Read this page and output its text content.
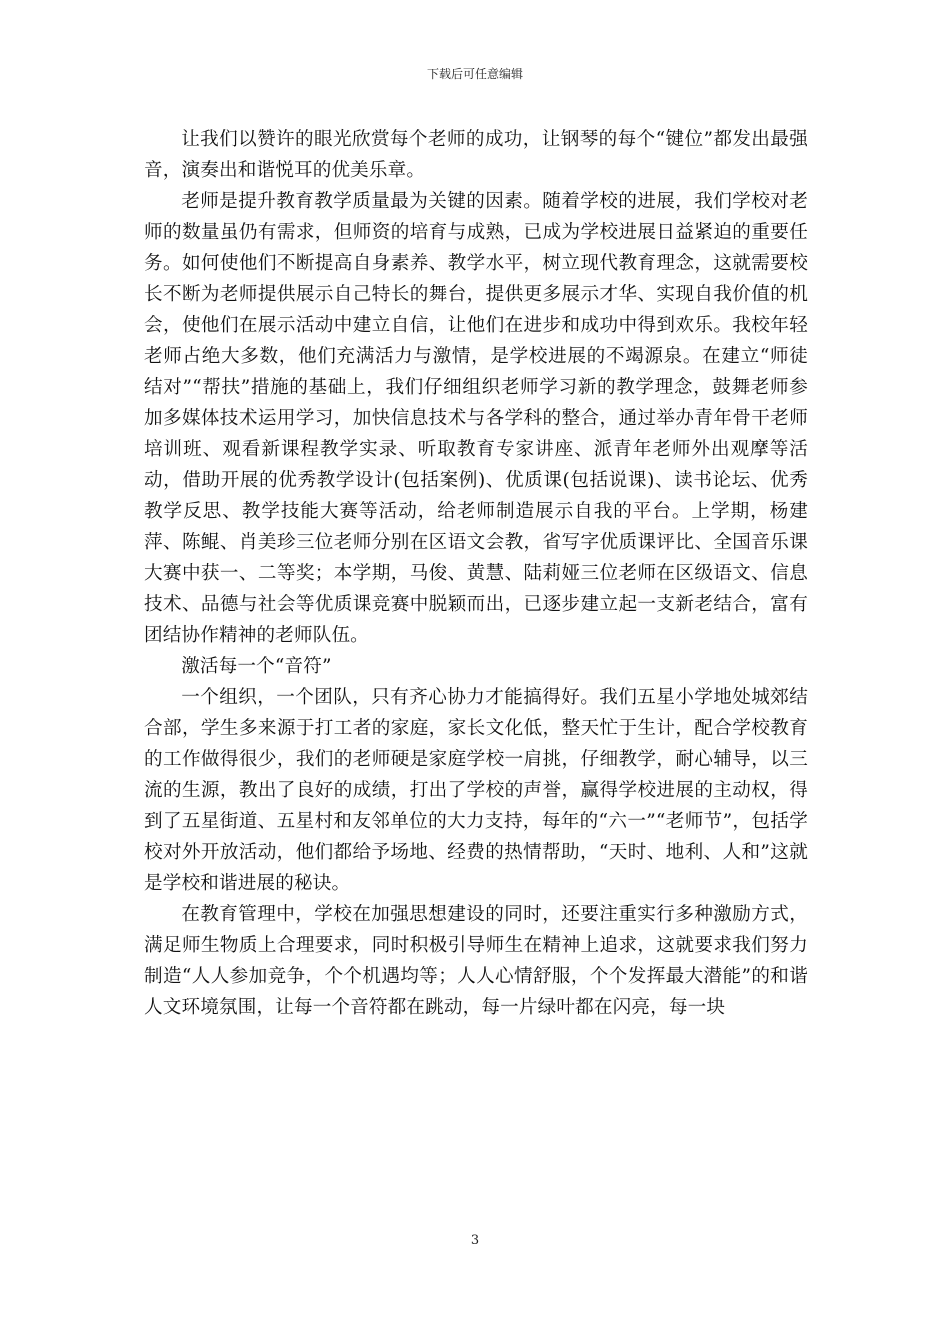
下载后可任意编辑

让我们以赞许的眼光欣赏每个老师的成功，让钢琴的每个“键位”都发出最强音，演奏出和谐悦耳的优美乐章。

老师是提升教育教学质量最为关键的因素。随着学校的进展，我们学校对老师的数量虽仍有需求，但师资的培育与成熟，已成为学校进展日益紧迫的重要任务。如何使他们不断提高自身素养、教学水平，树立现代教育理念，这就需要校长不断为老师提供展示自己特长的舞台，提供更多展示才华、实现自我价值的机会，使他们在展示活动中建立自信，让他们在进步和成功中得到欢乐。我校年轻老师占绝大多数，他们充满活力与激情，是学校进展的不竭源泉。在建立“师徒结对”“帮扶”措施的基础上，我们仔细组织老师学习新的教学理念，鼓舞老师参加多媒体技术运用学习，加快信息技术与各学科的整合，通过举办青年骨干老师培训班、观看新课程教学实录、听取教育专家讲座、派青年老师外出观摩等活动，借助开展的优秀教学设计(包括案例)、优质课(包括说课)、读书论坛、优秀教学反思、教学技能大赛等活动，给老师制造展示自我的平台。上学期，杨建萍、陈鲲、肖美珍三位老师分别在区语文会教，省写字优质课评比、全国音乐课大赛中获一、二等奖；本学期，马俊、黄慧、陆莉娅三位老师在区级语文、信息技术、品德与社会等优质课竞赛中脱颖而出，已逐步建立起一支新老结合，富有团结协作精神的老师队伍。

激活每一个“音符”

一个组织，一个团队，只有齐心协力才能搞得好。我们五星小学地处城郊结合部，学生多来源于打工者的家庭，家长文化低，整天忙于生计，配合学校教育的工作做得很少，我们的老师硬是家庭学校一肩挑，仔细教学，耐心辅导，以三流的生源，教出了良好的成绩，打出了学校的声誉，赢得学校进展的主动权，得到了五星街道、五星村和友邻单位的大力支持，每年的“六一”“老师节”，包括学校对外开放活动，他们都给予场地、经费的热情帮助，“天时、地利、人和”这就是学校和谐进展的秘诀。

在教育管理中，学校在加强思想建设的同时，还要注重实行多种激励方式，满足师生物质上合理要求，同时积极引导师生在精神上追求，这就要求我们努力制造“人人参加竞争，个个机遇均等；人人心情舒服，个个发挥最大潜能”的和谐人文环境氛围，让每一个音符都在跳动，每一片绿叶都在闪亮，每一块

3
